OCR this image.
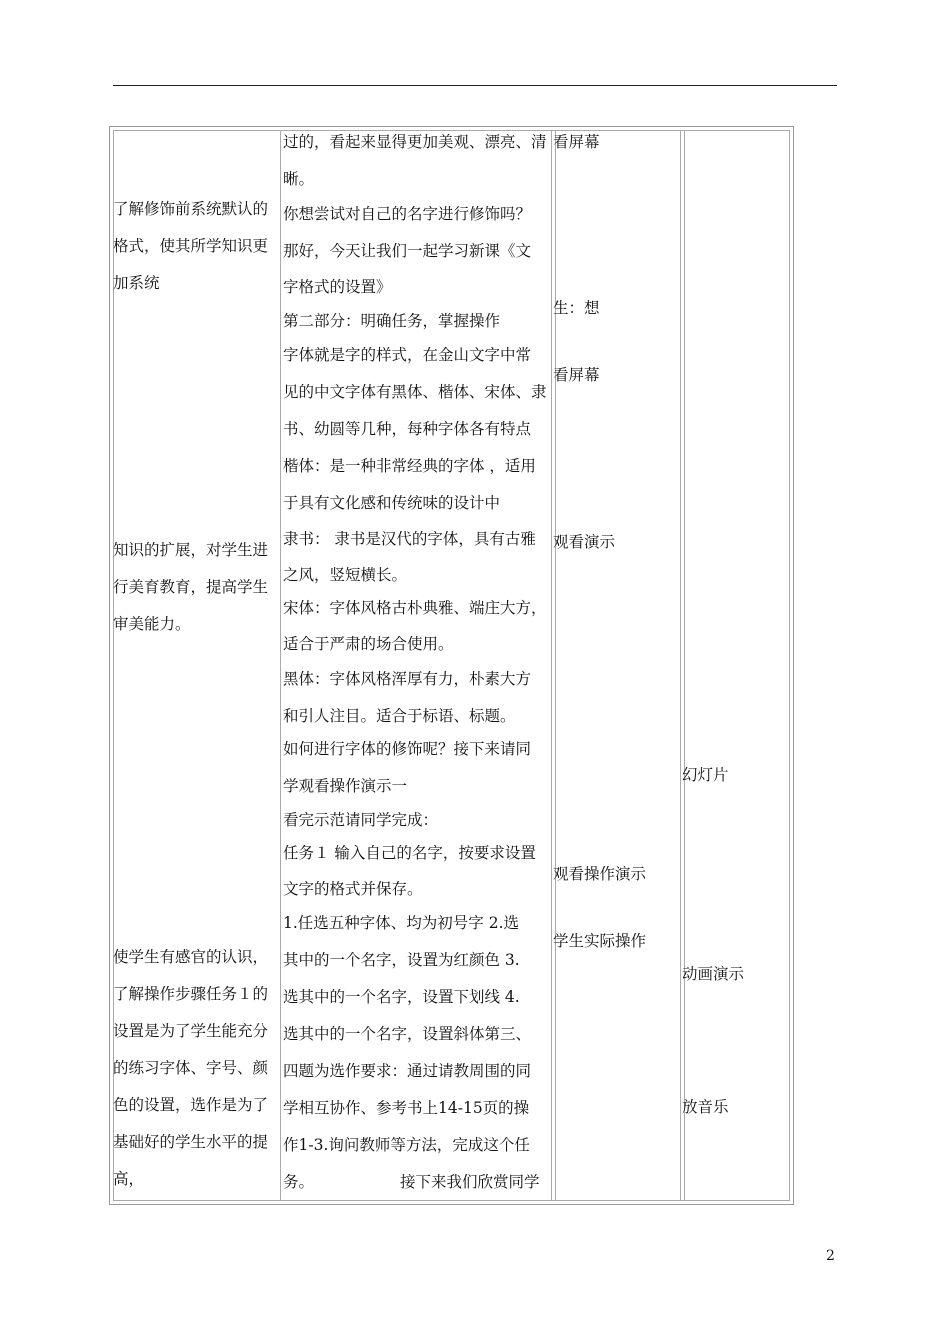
了解修饰前系统默认的
格式，使其所学知识更
加系统
知识的扩展，对学生进
行美育教育，提高学生
审美能力。
使学生有感官的认识，
了解操作步骤任务１的
设置是为了学生能充分
的练习字体、字号、颜
色的设置，选作是为了
基础好的学生水平的提
高，
过的，看起来显得更加美观、漂亮、清
晰。
你想尝试对自己的名字进行修饰吗？
那好，今天让我们一起学习新课《文
字格式的设置》
第二部分：明确任务，掌握操作
字体就是字的样式，在金山文字中常
见的中文字体有黑体、楷体、宋体、隶
书、幼圆等几种，每种字体各有特点
楷体：是一种非常经典的字体 ，适用
于具有文化感和传统味的设计中
隶书： 隶书是汉代的字体，具有古雅
之风，竖短横长。
宋体：字体风格古朴典雅、端庄大方，
适合于严肃的场合使用。
黑体：字体风格浑厚有力，朴素大方
和引人注目。适合于标语、标题。
如何进行字体的修饰呢？接下来请同
学观看操作演示一
看完示范请同学完成：
任务１ 输入自己的名字，按要求设置
文字的格式并保存。
1.任选五种字体、均为初号字 2.选
其中的一个名字，设置为红颜色 3.
选其中的一个名字，设置下划线 4.
选其中的一个名字，设置斜体第三、
四题为选作要求：通过请教周围的同
学相互协作、参考书上14-15页的操
作1-3.询问教师等方法，完成这个任
务。	接下来我们欣赏同学
看屏幕
生：想
看屏幕
观看演示
观看操作演示
学生实际操作
幻灯片
动画演示
放音乐
2
